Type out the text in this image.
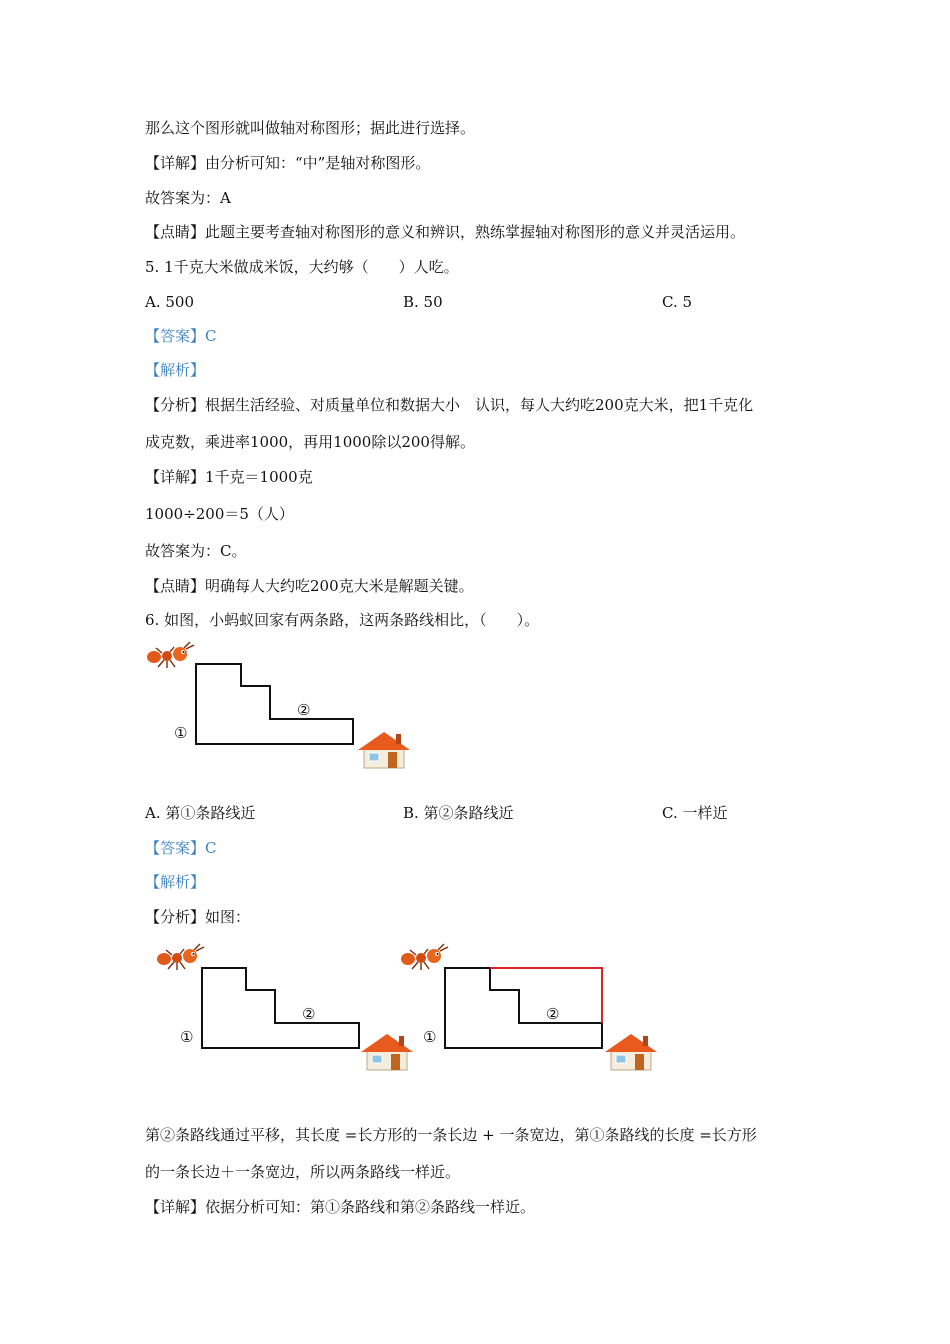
那么这个图形就叫做轴对称图形；据此进行选择。
【详解】由分析可知：“中”是轴对称图形。
故答案为：A
【点睛】此题主要考查轴对称图形的意义和辨识，熟练掌握轴对称图形的意义并灵活运用。
5. 1千克大米做成米饭，大约够（　　）人吃。
A. 500	B. 50	C. 5
【答案】C
【解析】
【分析】根据生活经验、对质量单位和数据大小　认识，每人大约吃200克大米，把1千克化
成克数，乘进率1000，再用1000除以200得解。
【详解】1千克＝1000克
1000÷200＝5（人）
故答案为：C。
【点睛】明确每人大约吃200克大米是解题关键。
6. 如图，小蚂蚁回家有两条路，这两条路线相比，（　　）。
②
①
A. 第①条路线近	B. 第②条路线近	C. 一样近
【答案】C
【解析】
【分析】如图：
②
①
②
①
第②条路线通过平移，其长度 =长方形的一条长边 + 一条宽边，第①条路线的长度 =长方形
的一条长边＋一条宽边，所以两条路线一样近。
【详解】依据分析可知：第①条路线和第②条路线一样近。
